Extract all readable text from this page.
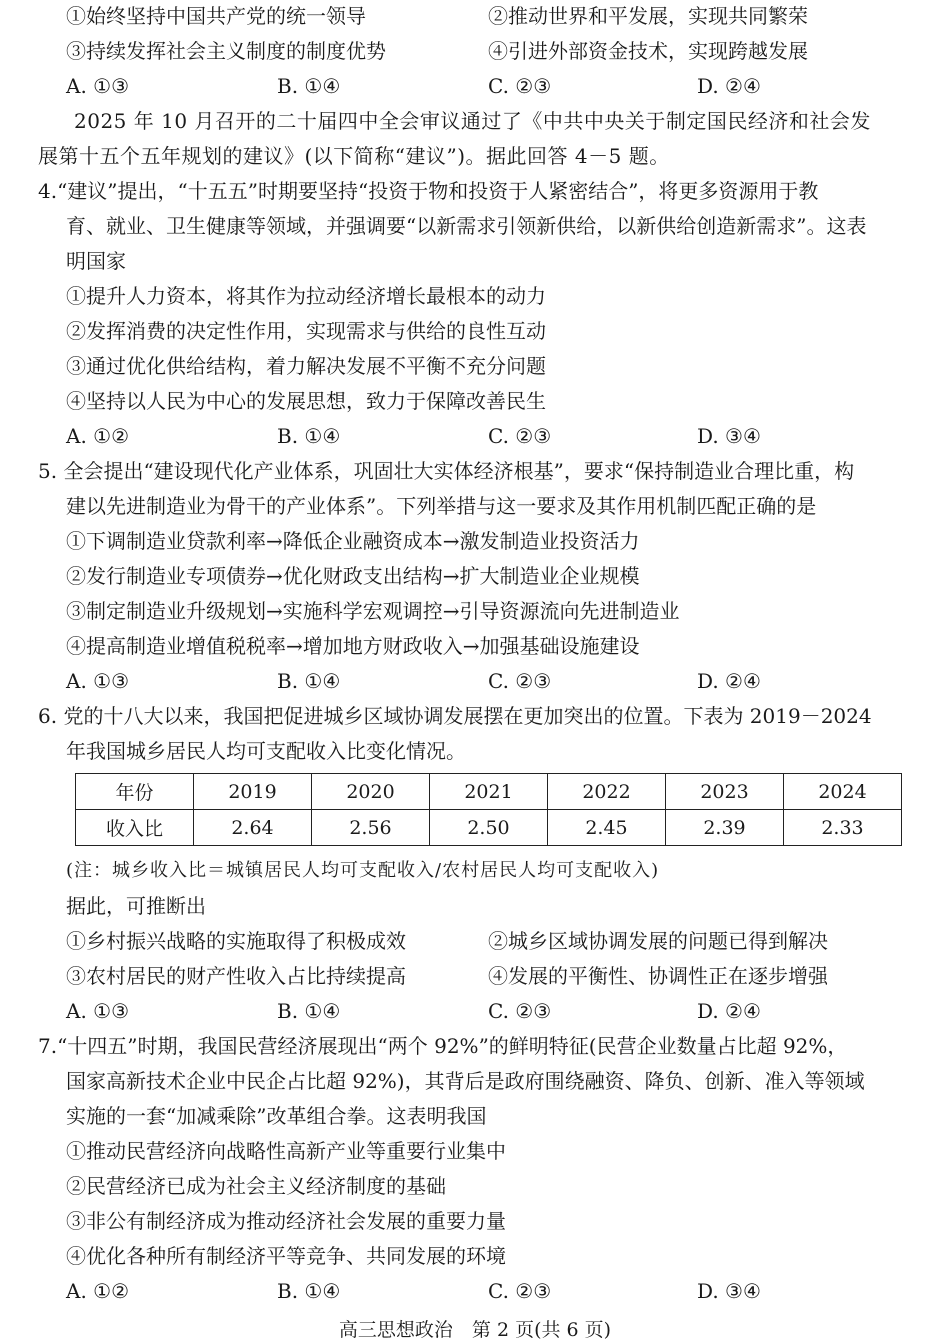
①始终坚持中国共产党的统一领导	②推动世界和平发展，实现共同繁荣
③持续发挥社会主义制度的制度优势	④引进外部资金技术，实现跨越发展
A. ①③	B. ①④	C. ②③	D. ②④
2025 年 10 月召开的二十届四中全会审议通过了《中共中央关于制定国民经济和社会发
展第十五个五年规划的建议》(以下简称“建议”)。据此回答 4－5 题。
4.“建议”提出，“十五五”时期要坚持“投资于物和投资于人紧密结合”，将更多资源用于教
育、就业、卫生健康等领域，并强调要“以新需求引领新供给，以新供给创造新需求”。这表
明国家
①提升人力资本，将其作为拉动经济增长最根本的动力
②发挥消费的决定性作用，实现需求与供给的良性互动
③通过优化供给结构，着力解决发展不平衡不充分问题
④坚持以人民为中心的发展思想，致力于保障改善民生
A. ①②	B. ①④	C. ②③	D. ③④
5. 全会提出“建设现代化产业体系，巩固壮大实体经济根基”，要求“保持制造业合理比重，构
建以先进制造业为骨干的产业体系”。下列举措与这一要求及其作用机制匹配正确的是
①下调制造业贷款利率→降低企业融资成本→激发制造业投资活力
②发行制造业专项债券→优化财政支出结构→扩大制造业企业规模
③制定制造业升级规划→实施科学宏观调控→引导资源流向先进制造业
④提高制造业增值税税率→增加地方财政收入→加强基础设施建设
A. ①③	B. ①④	C. ②③	D. ②④
6. 党的十八大以来，我国把促进城乡区域协调发展摆在更加突出的位置。下表为 2019－2024
年我国城乡居民人均可支配收入比变化情况。
年份	2019	2020	2021	2022	2023	2024
收入比	2.64	2.56	2.50	2.45	2.39	2.33
(注：城乡收入比＝城镇居民人均可支配收入/农村居民人均可支配收入)
据此，可推断出
①乡村振兴战略的实施取得了积极成效	②城乡区域协调发展的问题已得到解决
③农村居民的财产性收入占比持续提高	④发展的平衡性、协调性正在逐步增强
A. ①③	B. ①④	C. ②③	D. ②④
7.“十四五”时期，我国民营经济展现出“两个 92%”的鲜明特征(民营企业数量占比超 92%，
国家高新技术企业中民企占比超 92%)，其背后是政府围绕融资、降负、创新、准入等领域
实施的一套“加减乘除”改革组合拳。这表明我国
①推动民营经济向战略性高新产业等重要行业集中
②民营经济已成为社会主义经济制度的基础
③非公有制经济成为推动经济社会发展的重要力量
④优化各种所有制经济平等竞争、共同发展的环境
A. ①②	B. ①④	C. ②③	D. ③④
高三思想政治　第 2 页(共 6 页)
